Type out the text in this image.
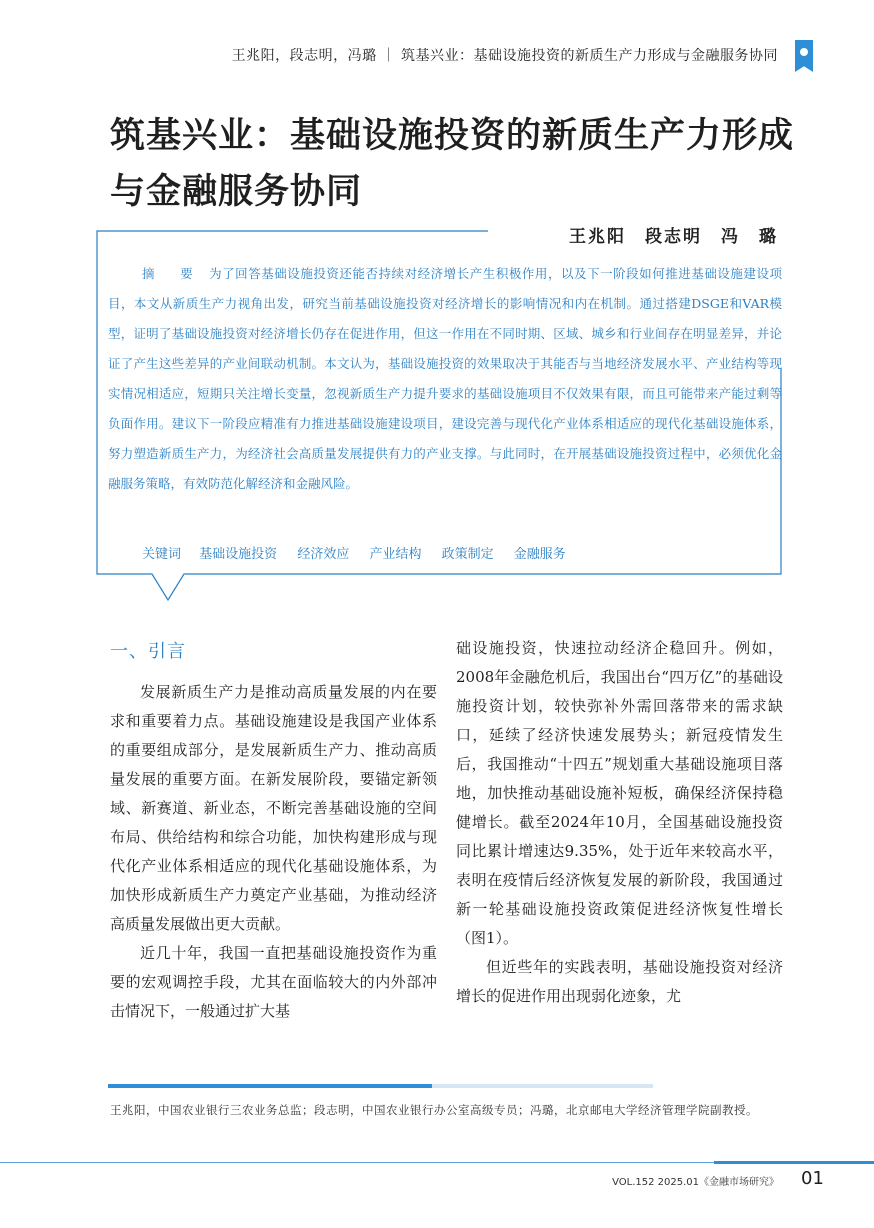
王兆阳，段志明，冯璐 ｜ 筑基兴业：基础设施投资的新质生产力形成与金融服务协同
筑基兴业：基础设施投资的新质生产力形成与金融服务协同
王兆阳　段志明　冯　璐

摘　要 为了回答基础设施投资还能否持续对经济增长产生积极作用，以及下一阶段如何推进基础设施建设项目，本文从新质生产力视角出发，研究当前基础设施投资对经济增长的影响情况和内在机制。通过搭建DSGE和VAR模型，证明了基础设施投资对经济增长仍存在促进作用，但这一作用在不同时期、区域、城乡和行业间存在明显差异，并论证了产生这些差异的产业间联动机制。本文认为，基础设施投资的效果取决于其能否与当地经济发展水平、产业结构等现实情况相适应，短期只关注增长变量，忽视新质生产力提升要求的基础设施项目不仅效果有限，而且可能带来产能过剩等负面作用。建议下一阶段应精准有力推进基础设施建设项目，建设完善与现代化产业体系相适应的现代化基础设施体系，努力塑造新质生产力，为经济社会高质量发展提供有力的产业支撑。与此同时，在开展基础设施投资过程中，必须优化金融服务策略，有效防范化解经济和金融风险。

关键词 基础设施投资 经济效应 产业结构 政策制定 金融服务
一、引言

发展新质生产力是推动高质量发展的内在要求和重要着力点。基础设施建设是我国产业体系的重要组成部分，是发展新质生产力、推动高质量发展的重要方面。在新发展阶段，要锚定新领域、新赛道、新业态，不断完善基础设施的空间布局、供给结构和综合功能，加快构建形成与现代化产业体系相适应的现代化基础设施体系，为加快形成新质生产力奠定产业基础，为推动经济高质量发展做出更大贡献。

近几十年，我国一直把基础设施投资作为重要的宏观调控手段，尤其在面临较大的内外部冲击情况下，一般通过扩大基

础设施投资，快速拉动经济企稳回升。例如，2008年金融危机后，我国出台“四万亿”的基础设施投资计划，较快弥补外需回落带来的需求缺口，延续了经济快速发展势头；新冠疫情发生后，我国推动“十四五”规划重大基础设施项目落地，加快推动基础设施补短板，确保经济保持稳健增长。截至2024年10月，全国基础设施投资同比累计增速达9.35%，处于近年来较高水平，表明在疫情后经济恢复发展的新阶段，我国通过新一轮基础设施投资政策促进经济恢复性增长（图1）。

但近些年的实践表明，基础设施投资对经济增长的促进作用出现弱化迹象，尤

王兆阳，中国农业银行三农业务总监；段志明，中国农业银行办公室高级专员；冯璐，北京邮电大学经济管理学院副教授。
VOL.152 2025.01《金融市场研究》 01
